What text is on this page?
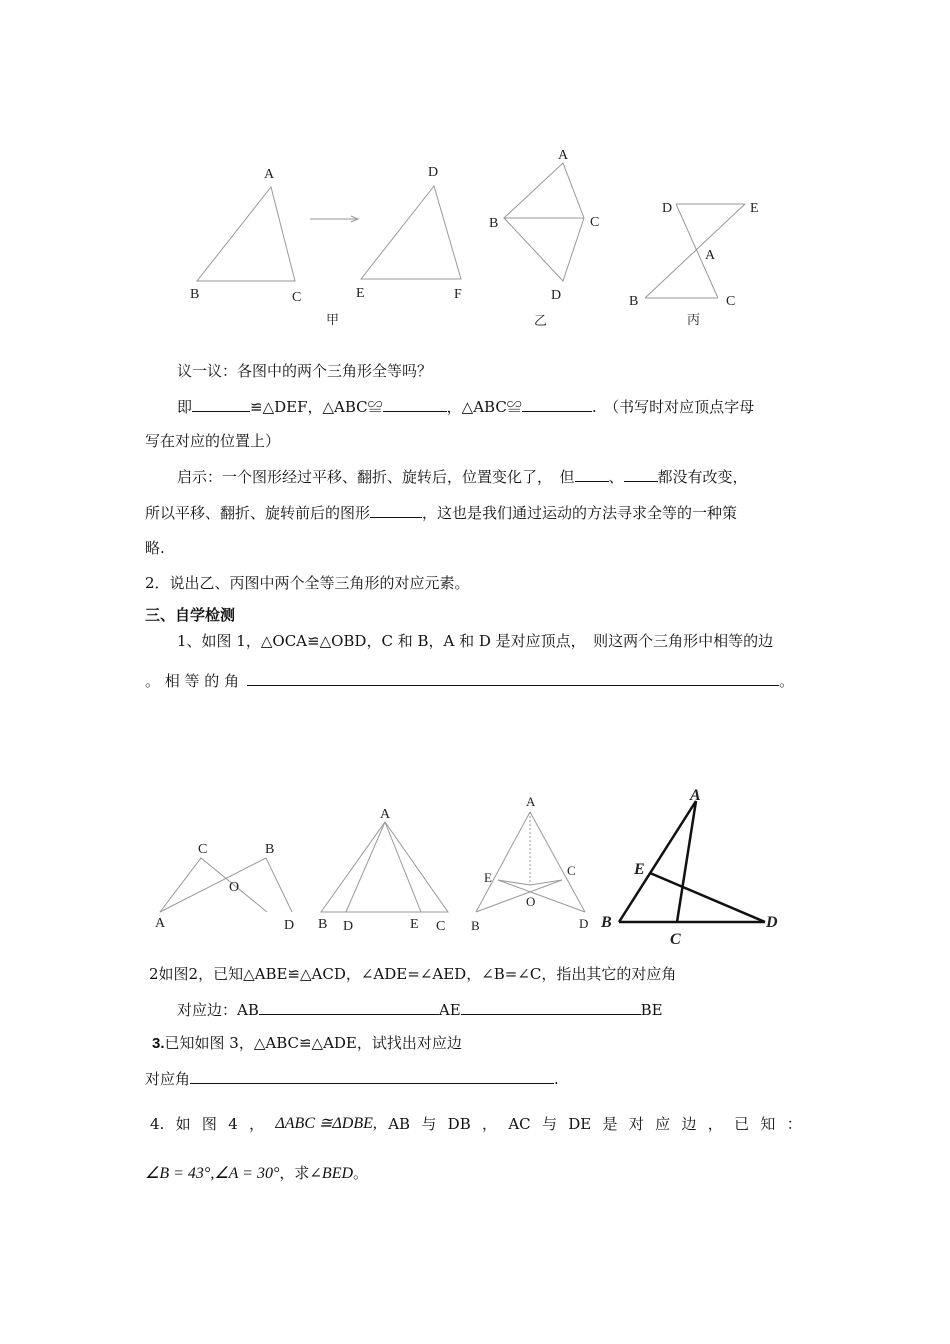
A
B	C
D
E	F
甲
A
B	C
D
乙
D	E
A
B	C
丙
议一议：各图中的两个三角形全等吗？
即	≌△DEF，△ABC≌	，△ABC≌	.　（书写时对应顶点字母
写在对应的位置上）
启示：一个图形经过平移、翻折、旋转后，位置变化了，　但 、 都没有改变，
所以平移、翻折、旋转前后的图形	，这也是我们通过运动的方法寻求全等的一种策
略.
2．说出乙、丙图中两个全等三角形的对应元素。
三、自学检测
1、如图 1，△OCA≌△OBD，C 和 B，A 和 D 是对应顶点，　则这两个三角形中相等的边
。 相 等 的 角	。
C	B
O
A	D
A
B D	E C
A
E	C
O
B	D
A
E
B
C
D
2如图2，已知△ABE≌△ACD，∠ADE=∠AED，∠B=∠C，指出其它的对应角
对应边：AB	AE	BE
3.已知如图 3，△ABC≌△ADE，试找出对应边
对应角	.
4. 如 图 4 ， ΔABC ≅ΔDBE, AB 与 DB ， AC 与 DE 是 对 应 边 ， 已 知 ：
∠B = 43°,∠A = 30°，求∠BED。
